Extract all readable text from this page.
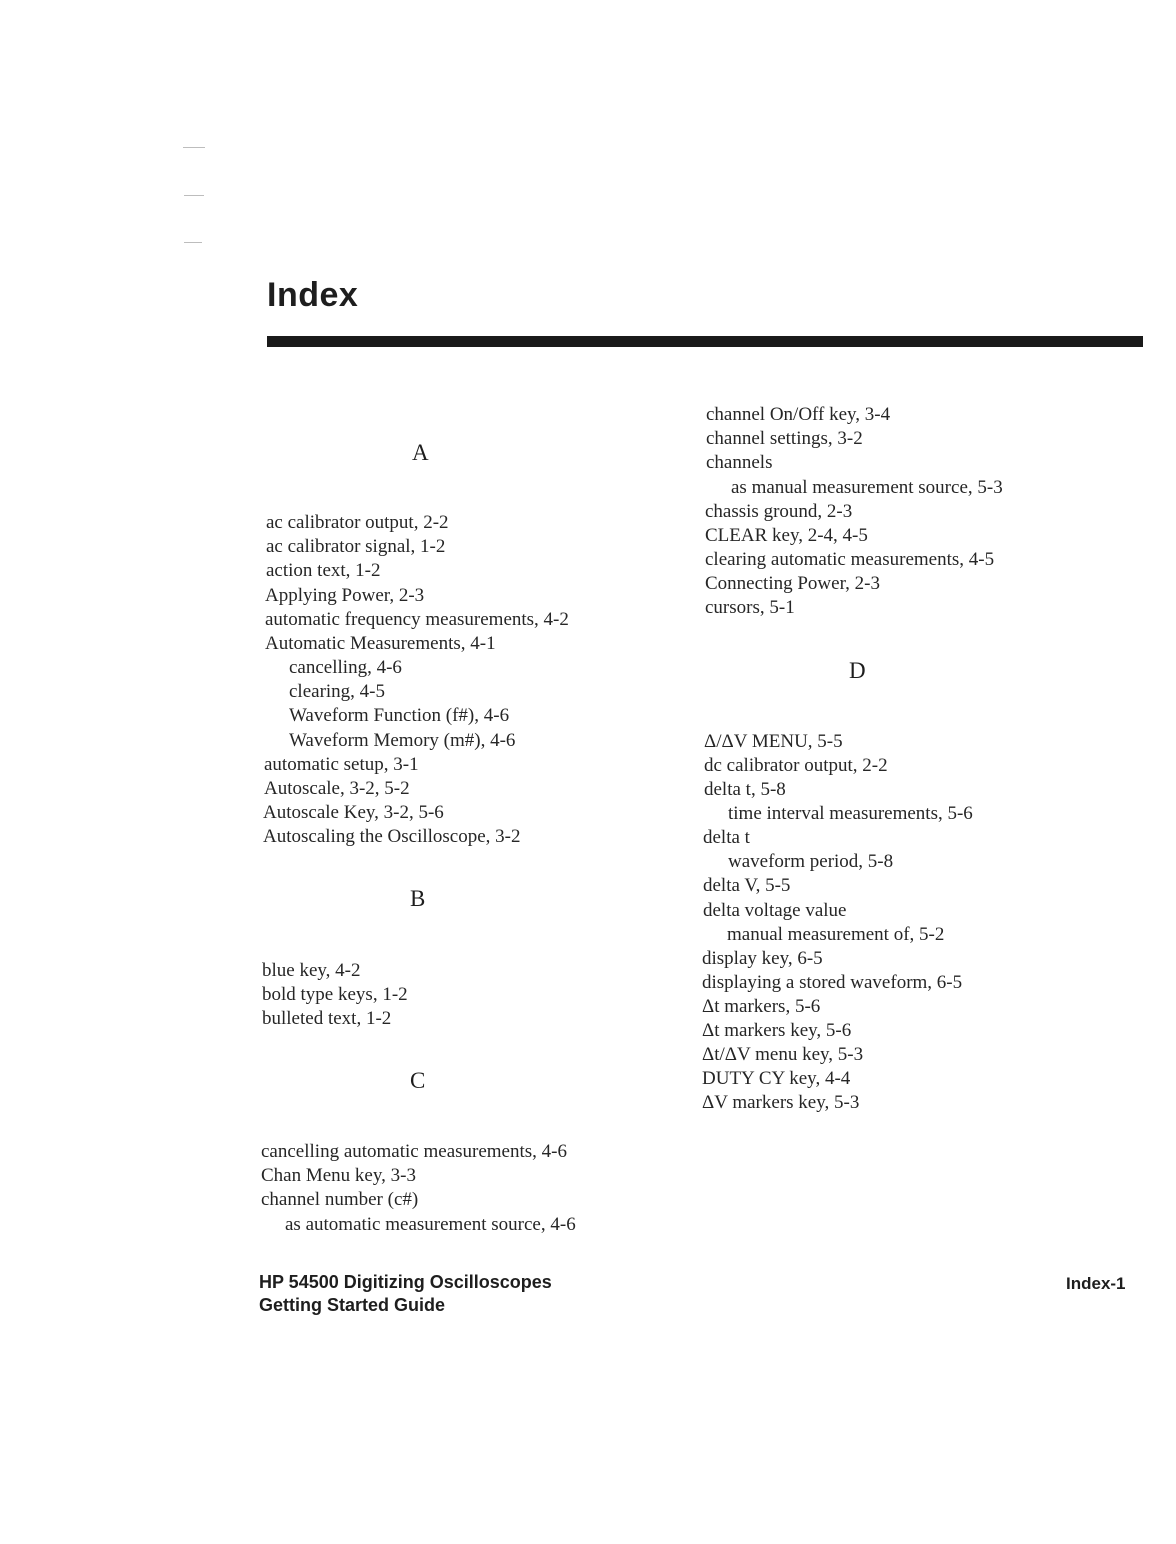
Index
A
ac calibrator output, 2-2
ac calibrator signal, 1-2
action text, 1-2
Applying Power, 2-3
automatic frequency measurements, 4-2
Automatic Measurements, 4-1
cancelling, 4-6
clearing, 4-5
Waveform Function (f#), 4-6
Waveform Memory (m#), 4-6
automatic setup, 3-1
Autoscale, 3-2, 5-2
Autoscale Key, 3-2, 5-6
Autoscaling the Oscilloscope, 3-2
blue key, 4-2
bold type keys, 1-2
bulleted text, 1-2
cancelling automatic measurements, 4-6
Chan Menu key, 3-3
channel number (c#)
as automatic measurement source, 4-6
B
C
channel On/Off key, 3-4
channel settings, 3-2
channels
as manual measurement source, 5-3
chassis ground, 2-3
CLEAR key, 2-4, 4-5
clearing automatic measurements, 4-5
Connecting Power, 2-3
cursors, 5-1
Δ/ΔV MENU, 5-5
dc calibrator output, 2-2
delta t, 5-8
time interval measurements, 5-6
delta t
waveform period, 5-8
delta V, 5-5
delta voltage value
manual measurement of, 5-2
display key, 6-5
displaying a stored waveform, 6-5
Δt markers, 5-6
Δt markers key, 5-6
Δt/ΔV menu key, 5-3
DUTY CY key, 4-4
ΔV markers key, 5-3
D
HP 54500 Digitizing Oscilloscopes
Getting Started Guide
Index-1
